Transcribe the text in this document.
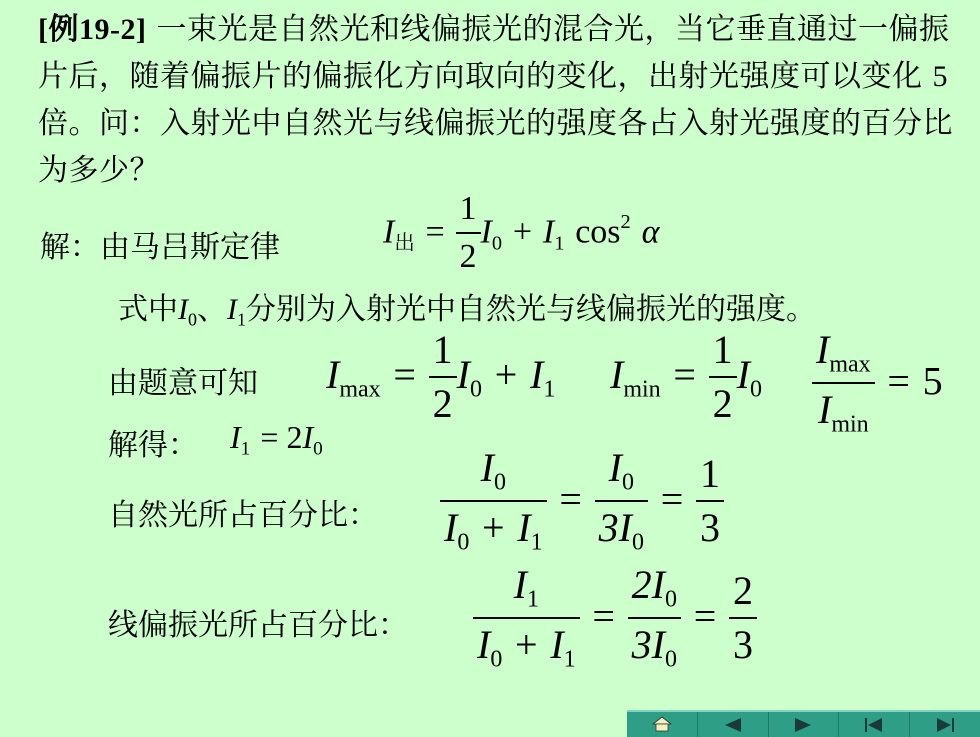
[例19-2] 一束光是自然光和线偏振光的混合光，当它垂直通过一偏振片后，随着偏振片的偏振化方向取向的变化，出射光强度可以变化 5 倍。问：入射光中自然光与线偏振光的强度各占入射光强度的百分比为多少？
解：由马吕斯定律	$I_出 = \frac{1}{2} I_0 + I_1$ $\cos^2 \alpha$
式中$I_0$、$I_1$分别为入射光中自然光与线偏振光的强度。
由题意可知 $I_{max} = \frac{1}{2} I_0 + I_1$ $I_{min} = \frac{1}{2} I_0 \frac{I_{max}}{I_{min}} = 5$
解得： $I_1 = 2I_0$
自然光所占百分比： $\frac{I_0}{I_0 + I_1} = \frac{I_0}{3I_0} = \frac{1}{3}$
线偏振光所占百分比： $\frac{I_1}{I_0 + I_1} = \frac{2I_0}{3I_0} = \frac{2}{3}$
